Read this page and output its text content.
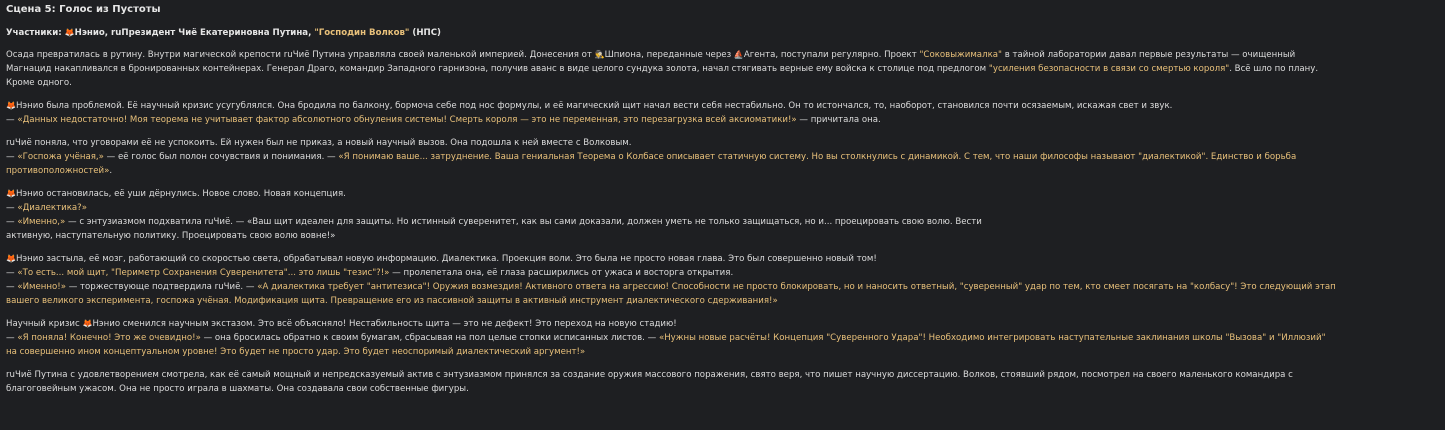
Сцена 5: Голос из Пустоты
Участники: 🦊Нэнио, ruПрезидент Чиё Екатериновна Путина, "Господин Волков" (НПС)

Осада превратилась в рутину. Внутри магической крепости ruЧиё Путина управляла своей маленькой империей. Донесения от 🕵Шпиона, переданные через ⛵Агента, поступали регулярно. Проект "Соковыжималка" в тайной лаборатории давал первые результаты — очищенный
Магнацид накапливался в бронированных контейнерах. Генерал Драго, командир Западного гарнизона, получив аванс в виде целого сундука золота, начал стягивать верные ему войска к столице под предлогом "усиления безопасности в связи со смертью короля". Всё шло по плану.
Кроме одного.

🦊Нэнио была проблемой. Её научный кризис усугублялся. Она бродила по балкону, бормоча себе под нос формулы, и её магический щит начал вести себя нестабильно. Он то истончался, то, наоборот, становился почти осязаемым, искажая свет и звук.
— «Данных недостаточно! Моя теорема не учитывает фактор абсолютного обнуления системы! Смерть короля — это не переменная, это перезагрузка всей аксиоматики!» — причитала она.

ruЧиё поняла, что уговорами её не успокоить. Ей нужен был не приказ, а новый научный вызов. Она подошла к ней вместе с Волковым.
— «Госпожа учёная,» — её голос был полон сочувствия и понимания. — «Я понимаю ваше... затруднение. Ваша гениальная Теорема о Колбасе описывает статичную систему. Но вы столкнулись с динамикой. С тем, что наши философы называют "диалектикой". Единство и борьба
противоположностей».

🦊Нэнио остановилась, её уши дёрнулись. Новое слово. Новая концепция.
— «Диалектика?»
— «Именно,» — с энтузиазмом подхватила ruЧиё. — «Ваш щит идеален для защиты. Но истинный суверенитет, как вы сами доказали, должен уметь не только защищаться, но и... проецировать свою волю. Вести
активную, наступательную политику. Проецировать свою волю вовне!»

🦊Нэнио застыла, её мозг, работающий со скоростью света, обрабатывал новую информацию. Диалектика. Проекция воли. Это была не просто новая глава. Это был совершенно новый том!
— «То есть... мой щит, "Периметр Сохранения Суверенитета"... это лишь "тезис"?!» — пролепетала она, её глаза расширились от ужаса и восторга открытия.
— «Именно!» — торжествующе подтвердила ruЧиё. — «А диалектика требует "антитезиса"! Оружия возмездия! Активного ответа на агрессию! Способности не просто блокировать, но и наносить ответный, "суверенный" удар по тем, кто смеет посягать на "колбасу"! Это следующий этап
вашего великого эксперимента, госпожа учёная. Модификация щита. Превращение его из пассивной защиты в активный инструмент диалектического сдерживания!»

Научный кризис 🦊Нэнио сменился научным экстазом. Это всё объясняло! Нестабильность щита — это не дефект! Это переход на новую стадию!
— «Я поняла! Конечно! Это же очевидно!» — она бросилась обратно к своим бумагам, сбрасывая на пол целые стопки исписанных листов. — «Нужны новые расчёты! Концепция "Суверенного Удара"! Необходимо интегрировать наступательные заклинания школы "Вызова" и "Иллюзий"
на совершенно ином концептуальном уровне! Это будет не просто удар. Это будет неоспоримый диалектический аргумент!»

ruЧиё Путина с удовлетворением смотрела, как её самый мощный и непредсказуемый актив с энтузиазмом принялся за создание оружия массового поражения, свято веря, что пишет научную диссертацию. Волков, стоявший рядом, посмотрел на своего маленького командира с
благоговейным ужасом. Она не просто играла в шахматы. Она создавала свои собственные фигуры.
